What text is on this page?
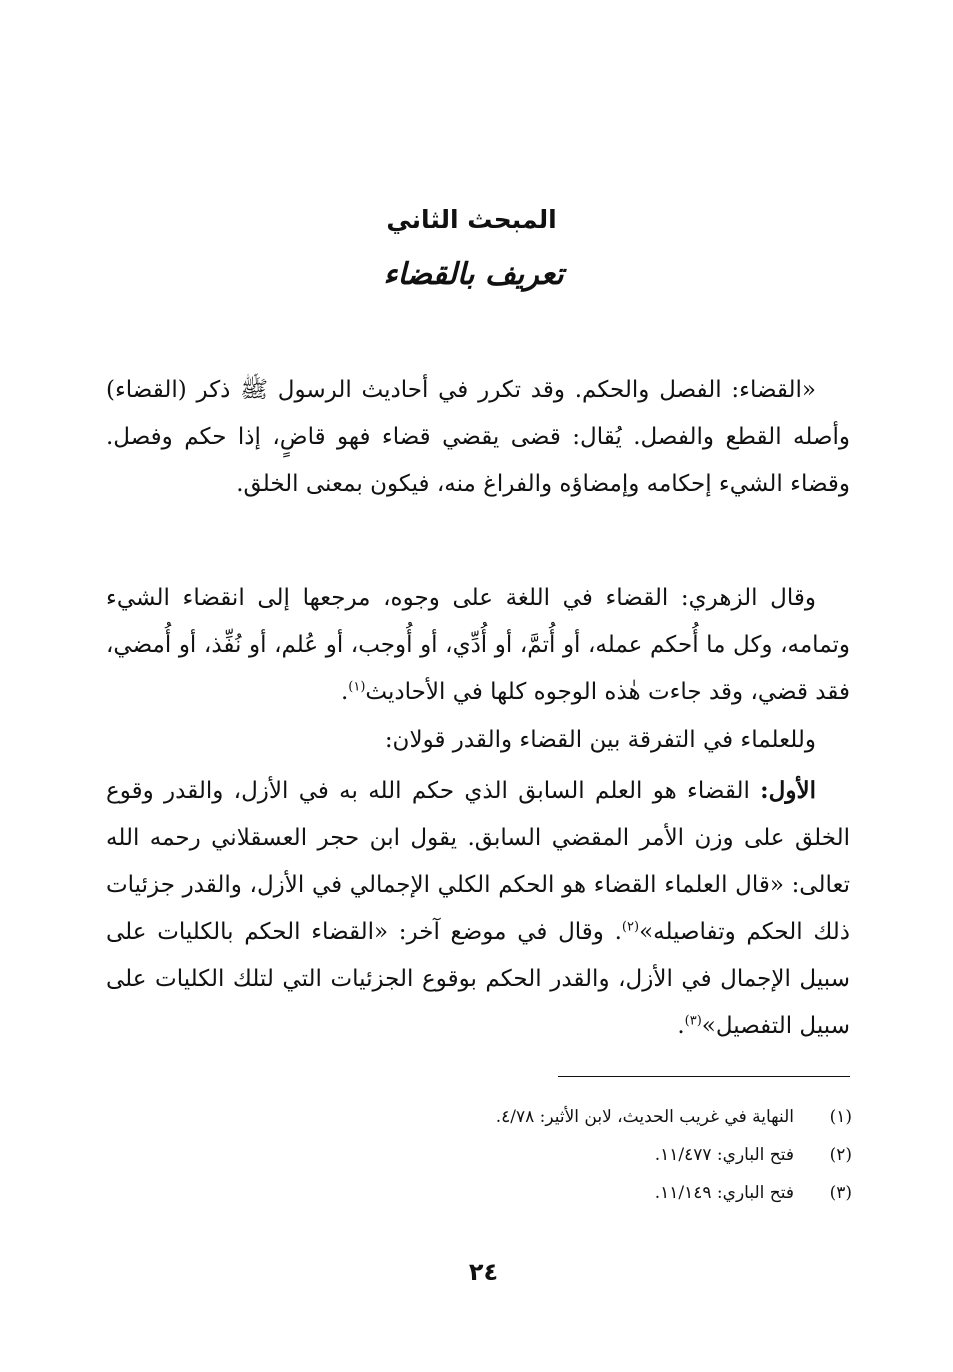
المبحث الثاني
تعريف بالقضاء

«القضاء: الفصل والحكم. وقد تكرر في أحاديث الرسول ﷺ ذكر (القضاء) وأصله القطع والفصل. يُقال: قضى يقضي قضاء فهو قاضٍ، إذا حكم وفصل. وقضاء الشيء إحكامه وإمضاؤه والفراغ منه، فيكون بمعنى الخلق.

وقال الزهري: القضاء في اللغة على وجوه، مرجعها إلى انقضاء الشيء وتمامه، وكل ما أُحكم عمله، أو أُتمَّ، أو أُدِّي، أو أُوجب، أو عُلم، أو نُفِّذ، أو أُمضي، فقد قضي، وقد جاءت هٰذه الوجوه كلها في الأحاديث$^{(١)}$.

وللعلماء في التفرقة بين القضاء والقدر قولان:

الأول: القضاء هو العلم السابق الذي حكم الله به في الأزل، والقدر وقوع الخلق على وزن الأمر المقضي السابق. يقول ابن حجر العسقلاني رحمه الله تعالى: «قال العلماء القضاء هو الحكم الكلي الإجمالي في الأزل، والقدر جزئيات ذلك الحكم وتفاصيله»$^{(٢)}$. وقال في موضع آخر: «القضاء الحكم بالكليات على سبيل الإجمال في الأزل، والقدر الحكم بوقوع الجزئيات التي لتلك الكليات على سبيل التفصيل»$^{(٣)}$.

(١)
النهاية في غريب الحديث، لابن الأثير: ٤/٧٨.
(٢)
فتح الباري: ١١/٤٧٧.
(٣)
فتح الباري: ١١/١٤٩.
٢٤
